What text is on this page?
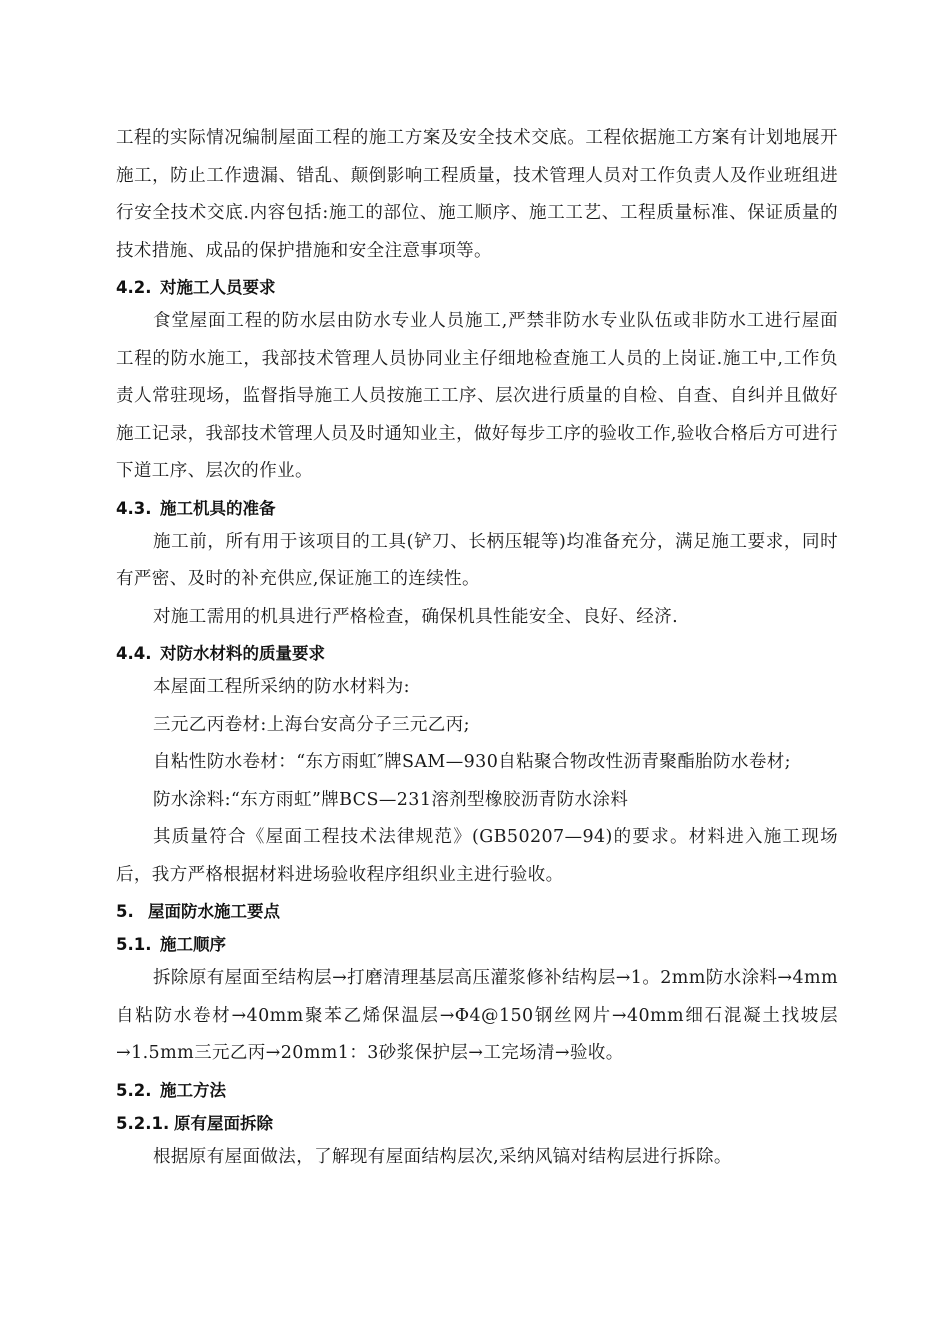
工程的实际情况编制屋面工程的施工方案及安全技术交底。工程依据施工方案有计划地展开施工，防止工作遗漏、错乱、颠倒影响工程质量，技术管理人员对工作负责人及作业班组进行安全技术交底.内容包括:施工的部位、施工顺序、施工工艺、工程质量标准、保证质量的技术措施、成品的保护措施和安全注意事项等。

4.2. 对施工人员要求

食堂屋面工程的防水层由防水专业人员施工,严禁非防水专业队伍或非防水工进行屋面工程的防水施工，我部技术管理人员协同业主仔细地检查施工人员的上岗证.施工中,工作负责人常驻现场，监督指导施工人员按施工工序、层次进行质量的自检、自查、自纠并且做好施工记录，我部技术管理人员及时通知业主，做好每步工序的验收工作,验收合格后方可进行下道工序、层次的作业。

4.3. 施工机具的准备

施工前，所有用于该项目的工具(铲刀、长柄压辊等)均准备充分，满足施工要求，同时有严密、及时的补充供应,保证施工的连续性。

对施工需用的机具进行严格检查，确保机具性能安全、良好、经济.

4.4. 对防水材料的质量要求

本屋面工程所采纳的防水材料为:

三元乙丙卷材:上海台安高分子三元乙丙;

自粘性防水卷材：“东方雨虹″牌SAM—930自粘聚合物改性沥青聚酯胎防水卷材;

防水涂料:“东方雨虹”牌BCS—231溶剂型橡胶沥青防水涂料

其质量符合《屋面工程技术法律规范》(GB50207—94)的要求。材料进入施工现场后，我方严格根据材料进场验收程序组织业主进行验收。

5. 屋面防水施工要点
5.1. 施工顺序

拆除原有屋面至结构层→打磨清理基层高压灌浆修补结构层→1。2mm防水涂料→4mm自粘防水卷材→40mm聚苯乙烯保温层→Φ4@150钢丝网片→40mm细石混凝土找坡层→1.5mm三元乙丙→20mm1：3砂浆保护层→工完场清→验收。

5.2. 施工方法
5.2.1. 原有屋面拆除

根据原有屋面做法，了解现有屋面结构层次,采纳风镐对结构层进行拆除。
